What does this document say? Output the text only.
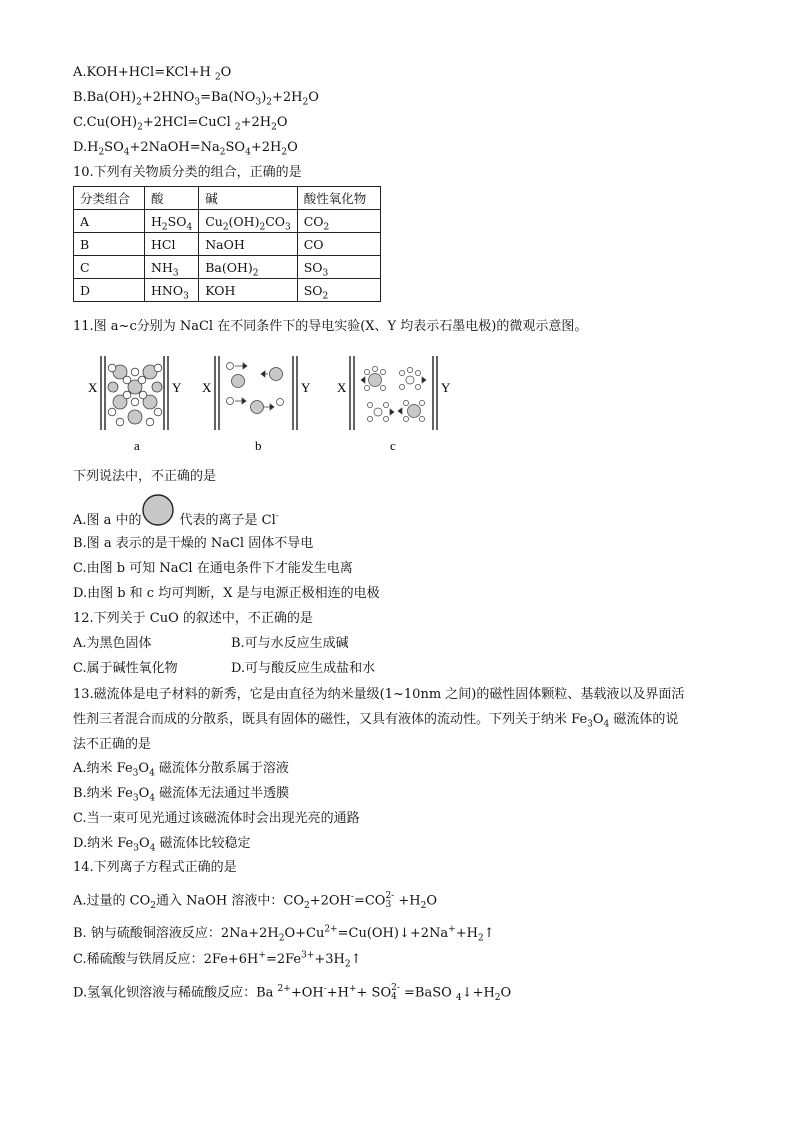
A.KOH+HCl=KCl+H $_2$O
$B.Ba(OH)_2+2HNO_3=Ba(NO_3)_2+2H_2O$
$C.Cu(OH)_2+2HCl=CuCl$ $_2+2H_2O$
$D.H_2SO_4+2NaOH=Na_2SO_4+2H_2O$
10.下列有关物质分类的组合，正确的是
分类组合	酸	碱	酸性氧化物
A	$H_2SO_4$	$Cu_2(OH)_2CO_3$	$CO_2$
B	HCl	NaOH	CO
C	$NH_3$	$Ba(OH)_2$	$SO_3$
D	$HNO_3$	KOH	$SO_2$
11.图 a~c分别为 NaCl 在不同条件下的导电实验(X、Y 均表示石墨电极)的微观示意图。
X	Y
a
X	Y
b
X	Y
c
下列说法中，不正确的是
A.图 a 中的	代表的离子是 Cl-
B.图 a 表示的是干燥的 NaCl 固体不导电
C.由图 b 可知 NaCl 在通电条件下才能发生电离
D.由图 b 和 c 均可判断，X 是与电源正极相连的电极
12.下列关于 CuO 的叙述中，不正确的是
A.为黑色固体	B.可与水反应生成碱
C.属于碱性氧化物	D.可与酸反应生成盐和水
13.磁流体是电子材料的新秀，它是由直径为纳米量级(1~10nm 之间)的磁性固体颗粒、基载液以及界面活
性剂三者混合而成的分散系，既具有固体的磁性，又具有液体的流动性。下列关于纳米 $Fe_3O_4$ 磁流体的说
法不正确的是
A.纳米 $Fe_3O_4$ 磁流体分散系属于溶液
B.纳米 $Fe_3O_4$ 磁流体无法通过半透膜
C.当一束可见光通过该磁流体时会出现光亮的通路
D.纳米 $Fe_3O_4$ 磁流体比较稳定
14.下列离子方程式正确的是
A.过量的 $CO_2$通入 NaOH 溶液中：$CO_2+2OH^-=CO$ 2-
$3 +H_2O$
B. 钠与硫酸铜溶液反应：$2Na+2H_2O+Cu^{2+}=Cu(OH)↓+2Na^++H_2↑$
C.稀硫酸与铁屑反应：$2Fe+6H^+=2Fe^{3+}+3H_2↑$
D.氢氧化钡溶液与稀硫酸反应：Ba $^{2+}$+OH-+H++ SO 2-
4 =BaSO $_4↓+H_2O$
